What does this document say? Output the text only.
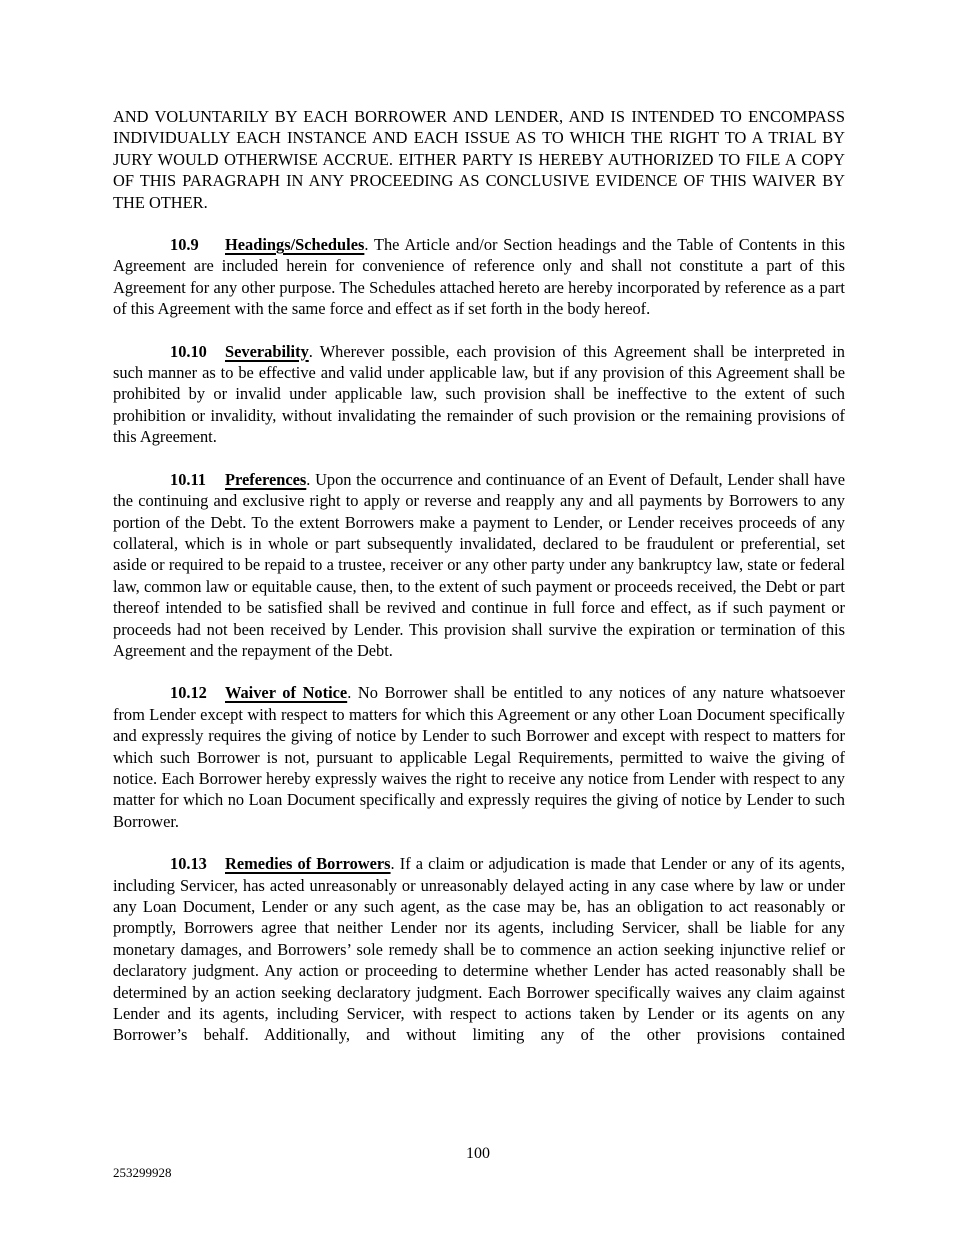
AND VOLUNTARILY BY EACH BORROWER AND LENDER, AND IS INTENDED TO ENCOMPASS INDIVIDUALLY EACH INSTANCE AND EACH ISSUE AS TO WHICH THE RIGHT TO A TRIAL BY JURY WOULD OTHERWISE ACCRUE. EITHER PARTY IS HEREBY AUTHORIZED TO FILE A COPY OF THIS PARAGRAPH IN ANY PROCEEDING AS CONCLUSIVE EVIDENCE OF THIS WAIVER BY THE OTHER.

10.9 Headings/Schedules. The Article and/or Section headings and the Table of Contents in this Agreement are included herein for convenience of reference only and shall not constitute a part of this Agreement for any other purpose. The Schedules attached hereto are hereby incorporated by reference as a part of this Agreement with the same force and effect as if set forth in the body hereof.

10.10 Severability. Wherever possible, each provision of this Agreement shall be interpreted in such manner as to be effective and valid under applicable law, but if any provision of this Agreement shall be prohibited by or invalid under applicable law, such provision shall be ineffective to the extent of such prohibition or invalidity, without invalidating the remainder of such provision or the remaining provisions of this Agreement.

10.11 Preferences. Upon the occurrence and continuance of an Event of Default, Lender shall have the continuing and exclusive right to apply or reverse and reapply any and all payments by Borrowers to any portion of the Debt. To the extent Borrowers make a payment to Lender, or Lender receives proceeds of any collateral, which is in whole or part subsequently invalidated, declared to be fraudulent or preferential, set aside or required to be repaid to a trustee, receiver or any other party under any bankruptcy law, state or federal law, common law or equitable cause, then, to the extent of such payment or proceeds received, the Debt or part thereof intended to be satisfied shall be revived and continue in full force and effect, as if such payment or proceeds had not been received by Lender. This provision shall survive the expiration or termination of this Agreement and the repayment of the Debt.

10.12 Waiver of Notice. No Borrower shall be entitled to any notices of any nature whatsoever from Lender except with respect to matters for which this Agreement or any other Loan Document specifically and expressly requires the giving of notice by Lender to such Borrower and except with respect to matters for which such Borrower is not, pursuant to applicable Legal Requirements, permitted to waive the giving of notice. Each Borrower hereby expressly waives the right to receive any notice from Lender with respect to any matter for which no Loan Document specifically and expressly requires the giving of notice by Lender to such Borrower.

10.13 Remedies of Borrowers. If a claim or adjudication is made that Lender or any of its agents, including Servicer, has acted unreasonably or unreasonably delayed acting in any case where by law or under any Loan Document, Lender or any such agent, as the case may be, has an obligation to act reasonably or promptly, Borrowers agree that neither Lender nor its agents, including Servicer, shall be liable for any monetary damages, and Borrowers’ sole remedy shall be to commence an action seeking injunctive relief or declaratory judgment. Any action or proceeding to determine whether Lender has acted reasonably shall be determined by an action seeking declaratory judgment. Each Borrower specifically waives any claim against Lender and its agents, including Servicer, with respect to actions taken by Lender or its agents on any Borrower’s behalf. Additionally, and without limiting any of the other provisions contained

100
253299928
